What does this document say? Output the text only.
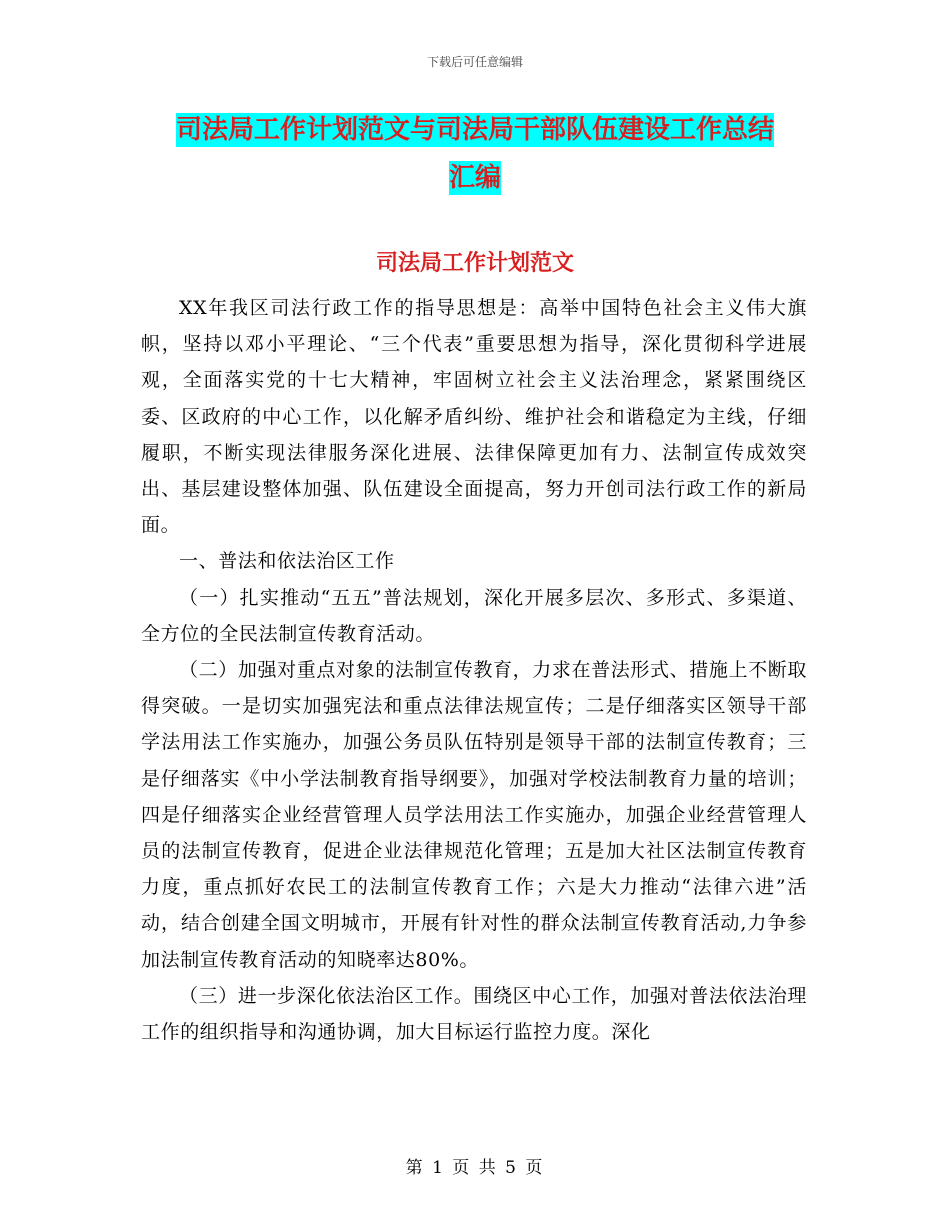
下载后可任意编辑
司法局工作计划范文与司法局干部队伍建设工作总结
汇编
司法局工作计划范文

XX年我区司法行政工作的指导思想是：高举中国特色社会主义伟大旗帜，坚持以邓小平理论、“三个代表”重要思想为指导，深化贯彻科学进展观，全面落实党的十七大精神，牢固树立社会主义法治理念，紧紧围绕区委、区政府的中心工作，以化解矛盾纠纷、维护社会和谐稳定为主线，仔细履职，不断实现法律服务深化进展、法律保障更加有力、法制宣传成效突出、基层建设整体加强、队伍建设全面提高，努力开创司法行政工作的新局面。

一、普法和依法治区工作

（一）扎实推动“五五”普法规划，深化开展多层次、多形式、多渠道、全方位的全民法制宣传教育活动。

（二）加强对重点对象的法制宣传教育，力求在普法形式、措施上不断取得突破。一是切实加强宪法和重点法律法规宣传；二是仔细落实区领导干部学法用法工作实施办，加强公务员队伍特别是领导干部的法制宣传教育；三是仔细落实《中小学法制教育指导纲要》，加强对学校法制教育力量的培训；四是仔细落实企业经营管理人员学法用法工作实施办，加强企业经营管理人员的法制宣传教育，促进企业法律规范化管理；五是加大社区法制宣传教育力度，重点抓好农民工的法制宣传教育工作；六是大力推动“法律六进”活动，结合创建全国文明城市，开展有针对性的群众法制宣传教育活动,力争参加法制宣传教育活动的知晓率达80%。

（三）进一步深化依法治区工作。围绕区中心工作，加强对普法依法治理工作的组织指导和沟通协调，加大目标运行监控力度。深化

第 1 页 共 5 页
